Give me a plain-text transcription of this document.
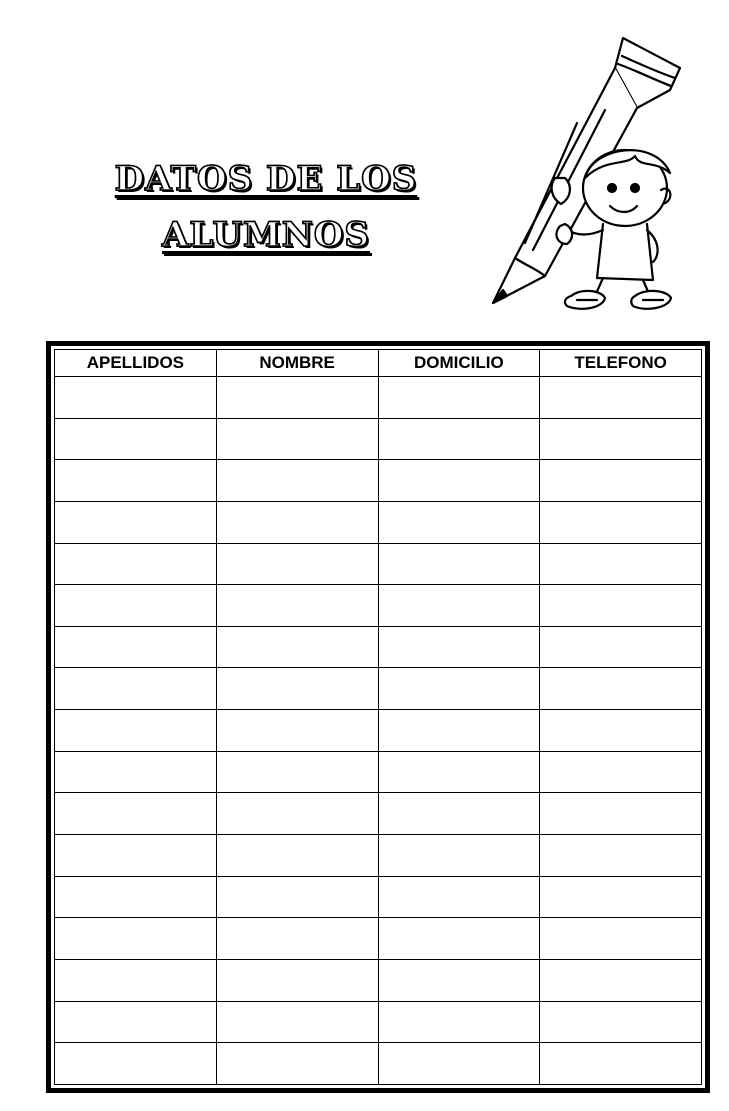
DATOS DE LOS
ALUMNOS
APELLIDOS	NOMBRE	DOMICILIO	TELEFONO
